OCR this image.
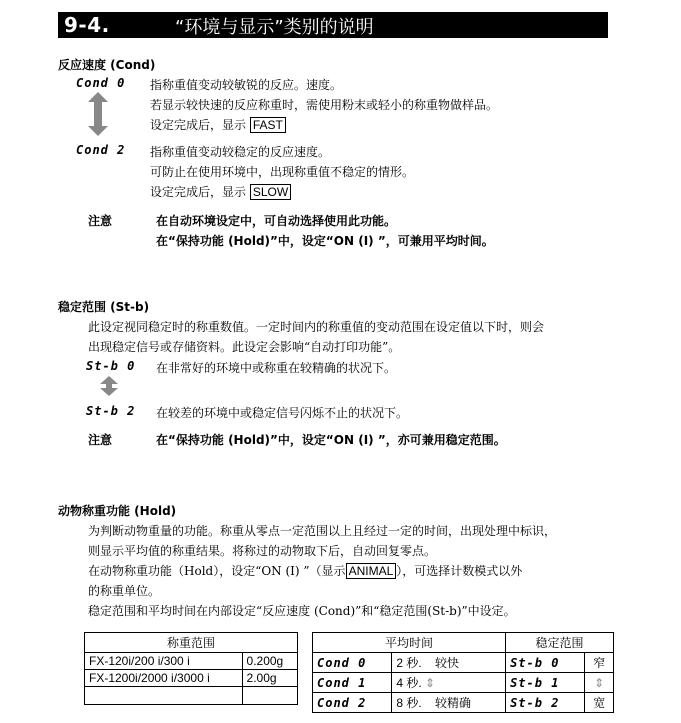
9-4.	“环境与显示”类别的说明
反应速度 (Cond)
Cond 0 指称重值变动较敏锐的反应。速度。
若显示较快速的反应称重时，需使用粉末或轻小的称重物做样品。
设定完成后，显示 FAST
Cond 2 指称重值变动较稳定的反应速度。
可防止在使用环境中，出现称重值不稳定的情形。
设定完成后，显示 SLOW
注意	在自动环境设定中，可自动选择使用此功能。
在“保持功能 (Hold)”中，设定“ON (I) ”，可兼用平均时间。
稳定范围 (St-b)
此设定视同稳定时的称重数值。一定时间内的称重值的变动范围在设定值以下时，则会
出现稳定信号或存储资料。此设定会影响“自动打印功能”。
St-b 0 在非常好的环境中或称重在较精确的状况下。
St-b 2 在较差的环境中或稳定信号闪烁不止的状况下。
注意	在“保持功能 (Hold)”中，设定“ON (I) ”，亦可兼用稳定范围。
动物称重功能 (Hold)
为判断动物重量的功能。称重从零点一定范围以上且经过一定的时间，出现处理中标识，
则显示平均值的称重结果。将称过的动物取下后，自动回复零点。
在动物称重功能（Hold），设定“ON (I) ”（显示 ANIMAL ），可选择计数模式以外
的称重单位。
稳定范围和平均时间在内部设定“反应速度 (Cond)”和“稳定范围(St-b)”中设定。
称重范围	
FX-120i/200 i/300 i	0.200g
FX-1200i/2000 i/3000 i	2.00g

平均时间		稳定范围	
Cond 0	2 秒. 较快	St-b 0	窄
Cond 1	4 秒. ⇕	St-b 1	⇕
Cond 2	8 秒. 较精确	St-b 2	宽
